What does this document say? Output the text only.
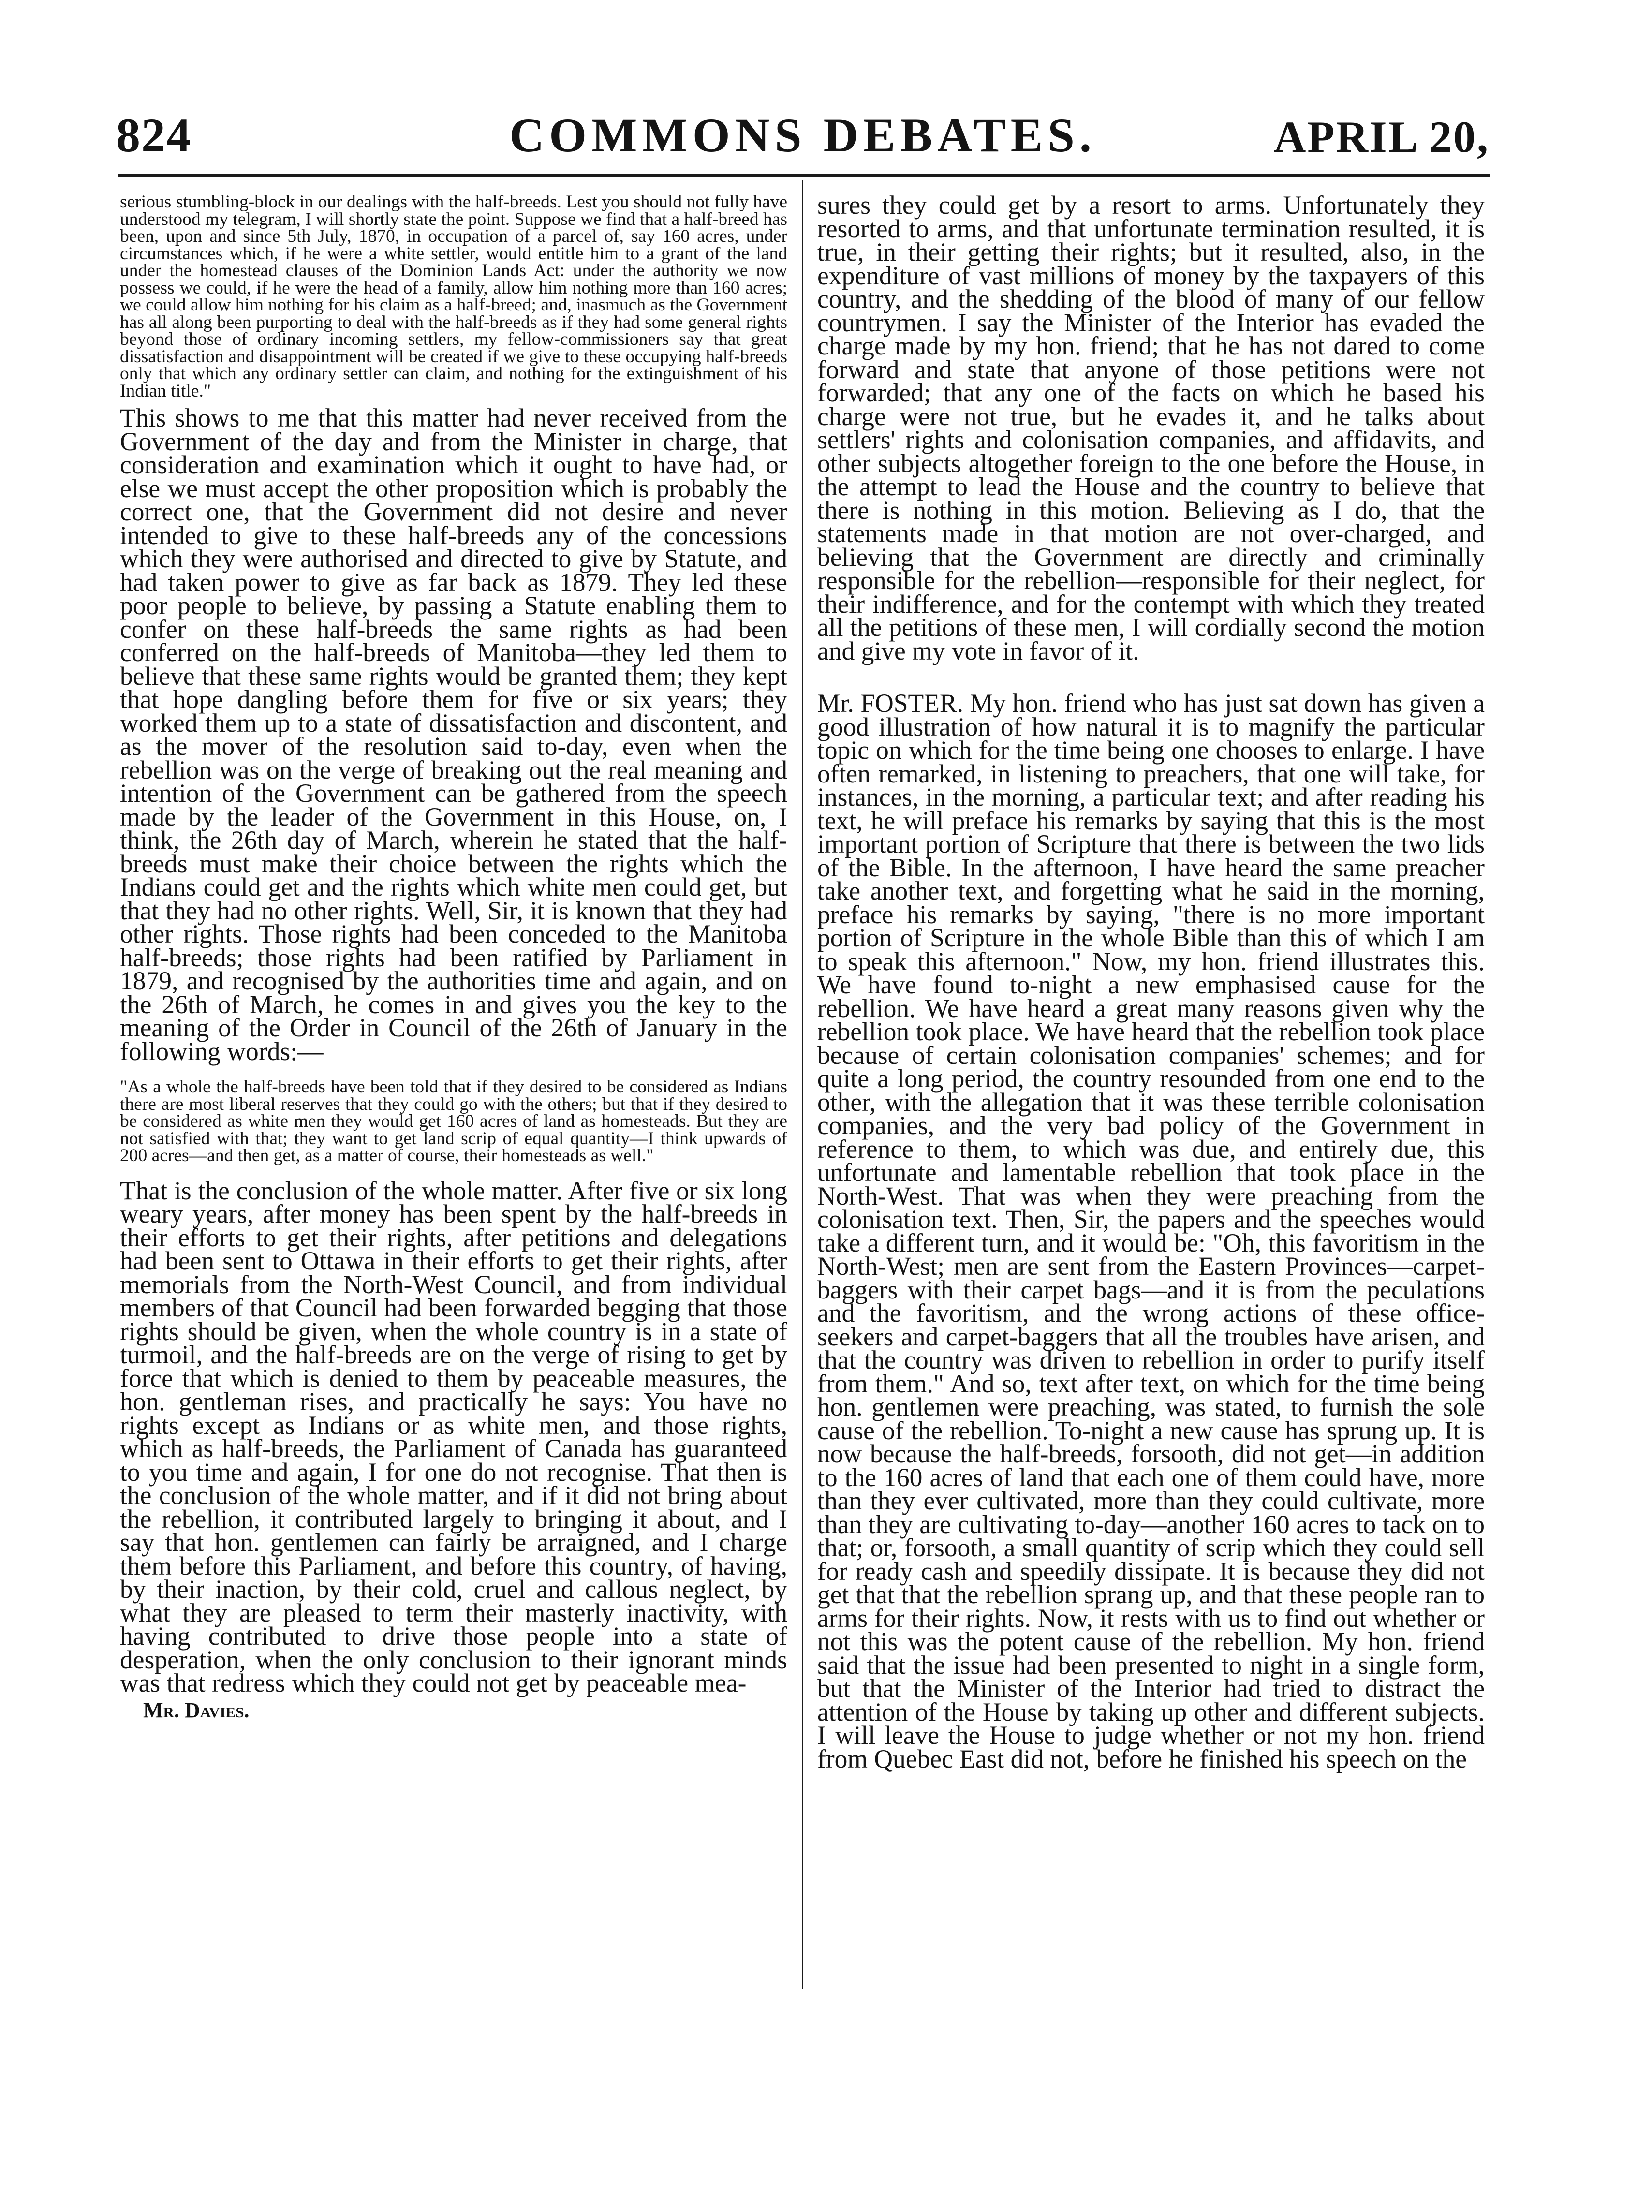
824	COMMONS DEBATES.	APRIL 20,

serious stumbling-block in our dealings with the half-breeds. Lest you should not fully have understood my telegram, I will shortly state the point. Suppose we find that a half-breed has been, upon and since 5th July, 1870, in occupation of a parcel of, say 160 acres, under circumstances which, if he were a white settler, would entitle him to a grant of the land under the homestead clauses of the Dominion Lands Act: under the authority we now possess we could, if he were the head of a family, allow him nothing more than 160 acres; we could allow him nothing for his claim as a half-breed; and, inasmuch as the Government has all along been purporting to deal with the half-breeds as if they had some general rights beyond those of ordinary incoming settlers, my fellow-commissioners say that great dissatisfaction and disappointment will be created if we give to these occupying half-breeds only that which any ordinary settler can claim, and nothing for the extinguishment of his Indian title."

This shows to me that this matter had never received from the Government of the day and from the Minister in charge, that consideration and examination which it ought to have had, or else we must accept the other proposition which is probably the correct one, that the Government did not desire and never intended to give to these half-breeds any of the concessions which they were authorised and directed to give by Statute, and had taken power to give as far back as 1879. They led these poor people to believe, by passing a Statute enabling them to confer on these half-breeds the same rights as had been conferred on the half-breeds of Manitoba—they led them to believe that these same rights would be granted them; they kept that hope dangling before them for five or six years; they worked them up to a state of dissatisfaction and discontent, and as the mover of the resolution said to-day, even when the rebellion was on the verge of breaking out the real meaning and intention of the Government can be gathered from the speech made by the leader of the Government in this House, on, I think, the 26th day of March, wherein he stated that the half-breeds must make their choice between the rights which the Indians could get and the rights which white men could get, but that they had no other rights. Well, Sir, it is known that they had other rights. Those rights had been conceded to the Manitoba half-breeds; those rights had been ratified by Parliament in 1879, and recognised by the authorities time and again, and on the 26th of March, he comes in and gives you the key to the meaning of the Order in Council of the 26th of January in the following words:—

"As a whole the half-breeds have been told that if they desired to be considered as Indians there are most liberal reserves that they could go with the others; but that if they desired to be considered as white men they would get 160 acres of land as homesteads. But they are not satisfied with that; they want to get land scrip of equal quantity—I think upwards of 200 acres—and then get, as a matter of course, their homesteads as well."

That is the conclusion of the whole matter. After five or six long weary years, after money has been spent by the half-breeds in their efforts to get their rights, after petitions and delegations had been sent to Ottawa in their efforts to get their rights, after memorials from the North-West Council, and from individual members of that Council had been forwarded begging that those rights should be given, when the whole country is in a state of turmoil, and the half-breeds are on the verge of rising to get by force that which is denied to them by peaceable measures, the hon. gentleman rises, and practically he says: You have no rights except as Indians or as white men, and those rights, which as half-breeds, the Parliament of Canada has guaranteed to you time and again, I for one do not recognise. That then is the conclusion of the whole matter, and if it did not bring about the rebellion, it contributed largely to bringing it about, and I say that hon. gentlemen can fairly be arraigned, and I charge them before this Parliament, and before this country, of having, by their inaction, by their cold, cruel and callous neglect, by what they are pleased to term their masterly inactivity, with having contributed to drive those people into a state of desperation, when the only conclusion to their ignorant minds was that redress which they could not get by peaceable mea-

Mr. Davies.

sures they could get by a resort to arms. Unfortunately they resorted to arms, and that unfortunate termination resulted, it is true, in their getting their rights; but it resulted, also, in the expenditure of vast millions of money by the taxpayers of this country, and the shedding of the blood of many of our fellow countrymen. I say the Minister of the Interior has evaded the charge made by my hon. friend; that he has not dared to come forward and state that anyone of those petitions were not forwarded; that any one of the facts on which he based his charge were not true, but he evades it, and he talks about settlers' rights and colonisation companies, and affidavits, and other subjects altogether foreign to the one before the House, in the attempt to lead the House and the country to believe that there is nothing in this motion. Believing as I do, that the statements made in that motion are not over-charged, and believing that the Government are directly and criminally responsible for the rebellion—responsible for their neglect, for their indifference, and for the contempt with which they treated all the petitions of these men, I will cordially second the motion and give my vote in favor of it.

Mr. FOSTER. My hon. friend who has just sat down has given a good illustration of how natural it is to magnify the particular topic on which for the time being one chooses to enlarge. I have often remarked, in listening to preachers, that one will take, for instances, in the morning, a particular text; and after reading his text, he will preface his remarks by saying that this is the most important portion of Scripture that there is between the two lids of the Bible. In the afternoon, I have heard the same preacher take another text, and forgetting what he said in the morning, preface his remarks by saying, "there is no more important portion of Scripture in the whole Bible than this of which I am to speak this afternoon." Now, my hon. friend illustrates this. We have found to-night a new emphasised cause for the rebellion. We have heard a great many reasons given why the rebellion took place. We have heard that the rebellion took place because of certain colonisation companies' schemes; and for quite a long period, the country resounded from one end to the other, with the allegation that it was these terrible colonisation companies, and the very bad policy of the Government in reference to them, to which was due, and entirely due, this unfortunate and lamentable rebellion that took place in the North-West. That was when they were preaching from the colonisation text. Then, Sir, the papers and the speeches would take a different turn, and it would be: "Oh, this favoritism in the North-West; men are sent from the Eastern Provinces—carpet-baggers with their carpet bags—and it is from the peculations and the favoritism, and the wrong actions of these office-seekers and carpet-baggers that all the troubles have arisen, and that the country was driven to rebellion in order to purify itself from them." And so, text after text, on which for the time being hon. gentlemen were preaching, was stated, to furnish the sole cause of the rebellion. To-night a new cause has sprung up. It is now because the half-breeds, forsooth, did not get—in addition to the 160 acres of land that each one of them could have, more than they ever cultivated, more than they could cultivate, more than they are cultivating to-day—another 160 acres to tack on to that; or, forsooth, a small quantity of scrip which they could sell for ready cash and speedily dissipate. It is because they did not get that that the rebellion sprang up, and that these people ran to arms for their rights. Now, it rests with us to find out whether or not this was the potent cause of the rebellion. My hon. friend said that the issue had been presented to night in a single form, but that the Minister of the Interior had tried to distract the attention of the House by taking up other and different subjects. I will leave the House to judge whether or not my hon. friend from Quebec East did not, before he finished his speech on the
